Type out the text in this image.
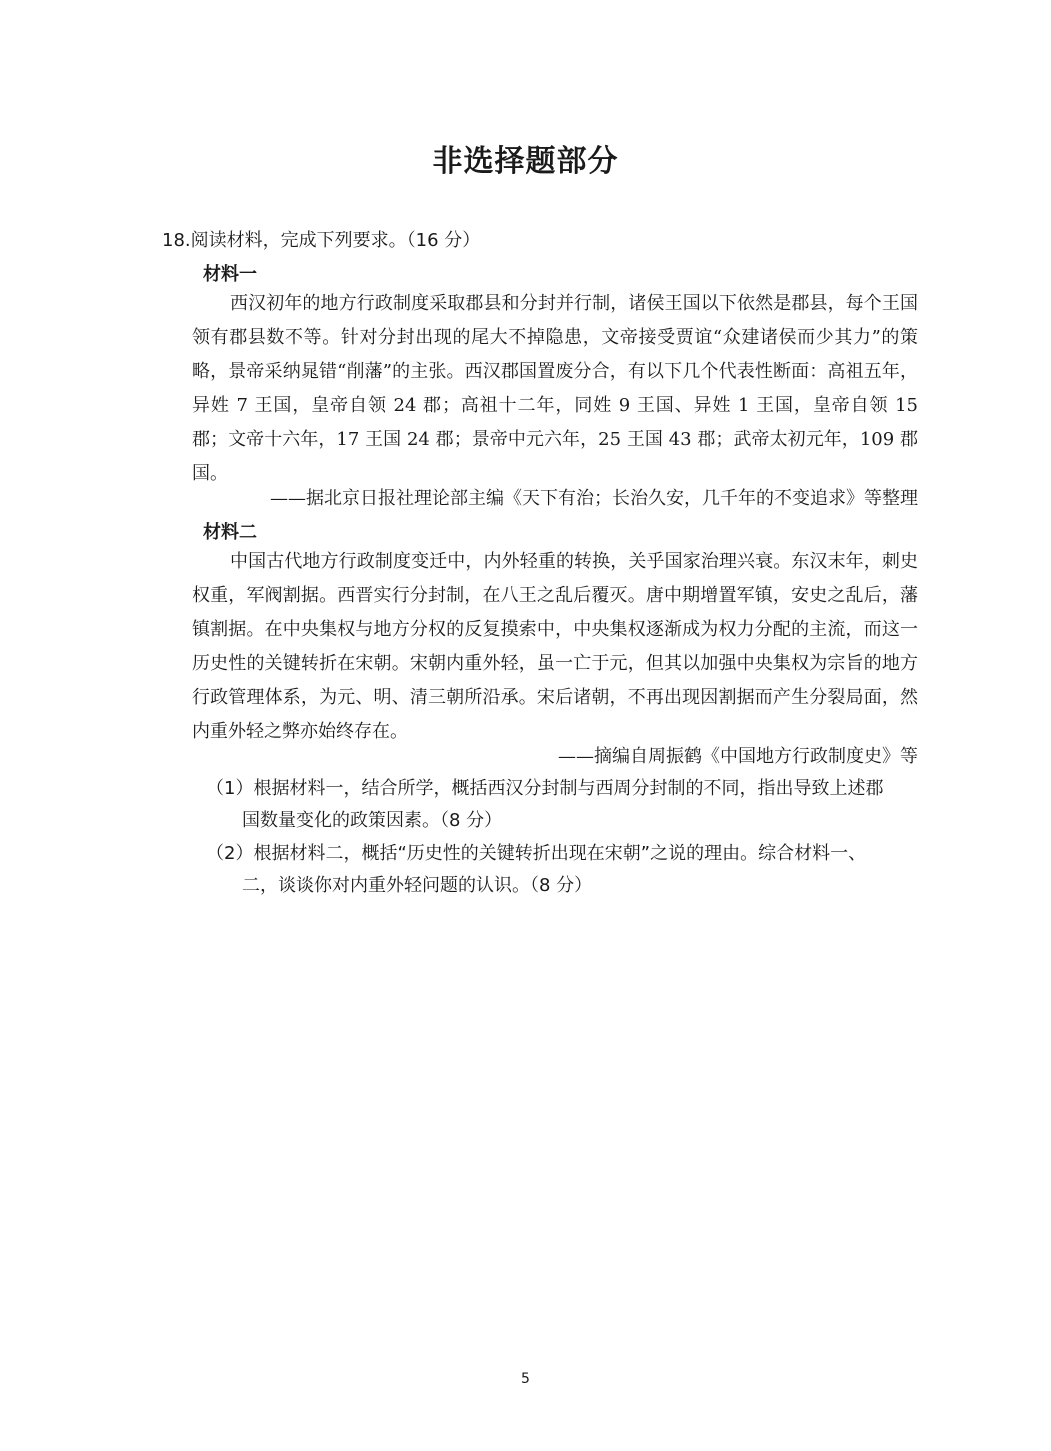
非选择题部分
18.阅读材料，完成下列要求。（16 分）
材料一
西汉初年的地方行政制度采取郡县和分封并行制，诸侯王国以下依然是郡县，每个王国领有郡县数不等。针对分封出现的尾大不掉隐患，文帝接受贾谊“众建诸侯而少其力”的策略，景帝采纳晁错“削藩”的主张。西汉郡国置废分合，有以下几个代表性断面：高祖五年，异姓 7 王国，皇帝自领 24 郡；高祖十二年，同姓 9 王国、异姓 1 王国，皇帝自领 15 郡；文帝十六年，17 王国 24 郡；景帝中元六年，25 王国 43 郡；武帝太初元年，109 郡国。
——据北京日报社理论部主编《天下有治；长治久安，几千年的不变追求》等整理
材料二
中国古代地方行政制度变迁中，内外轻重的转换，关乎国家治理兴衰。东汉末年，刺史权重，军阀割据。西晋实行分封制，在八王之乱后覆灭。唐中期增置军镇，安史之乱后，藩镇割据。在中央集权与地方分权的反复摸索中，中央集权逐渐成为权力分配的主流，而这一历史性的关键转折在宋朝。宋朝内重外轻，虽一亡于元，但其以加强中央集权为宗旨的地方行政管理体系，为元、明、清三朝所沿承。宋后诸朝，不再出现因割据而产生分裂局面，然内重外轻之弊亦始终存在。
——摘编自周振鹤《中国地方行政制度史》等
（1）根据材料一，结合所学，概括西汉分封制与西周分封制的不同，指出导致上述郡
国数量变化的政策因素。（8 分）
（2）根据材料二，概括“历史性的关键转折出现在宋朝”之说的理由。综合材料一、
二，谈谈你对内重外轻问题的认识。（8 分）
5
